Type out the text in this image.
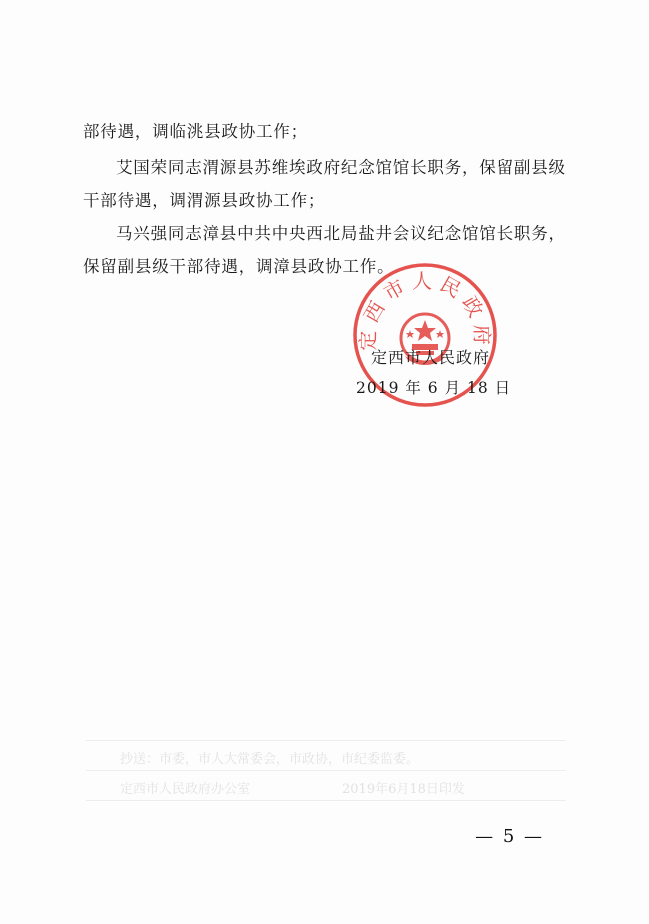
部待遇，调临洮县政协工作；
艾国荣同志渭源县苏维埃政府纪念馆馆长职务，保留副县级
干部待遇，调渭源县政协工作；
马兴强同志漳县中共中央西北局盐井会议纪念馆馆长职务，
保留副县级干部待遇，调漳县政协工作。
定西市人民政府
定西市人民政府
2019 年 6 月 18 日
抄送：市委，市人大常委会，市政协，市纪委监委。
定西市人民政府办公室	2019年6月18日印发
— 5 —
